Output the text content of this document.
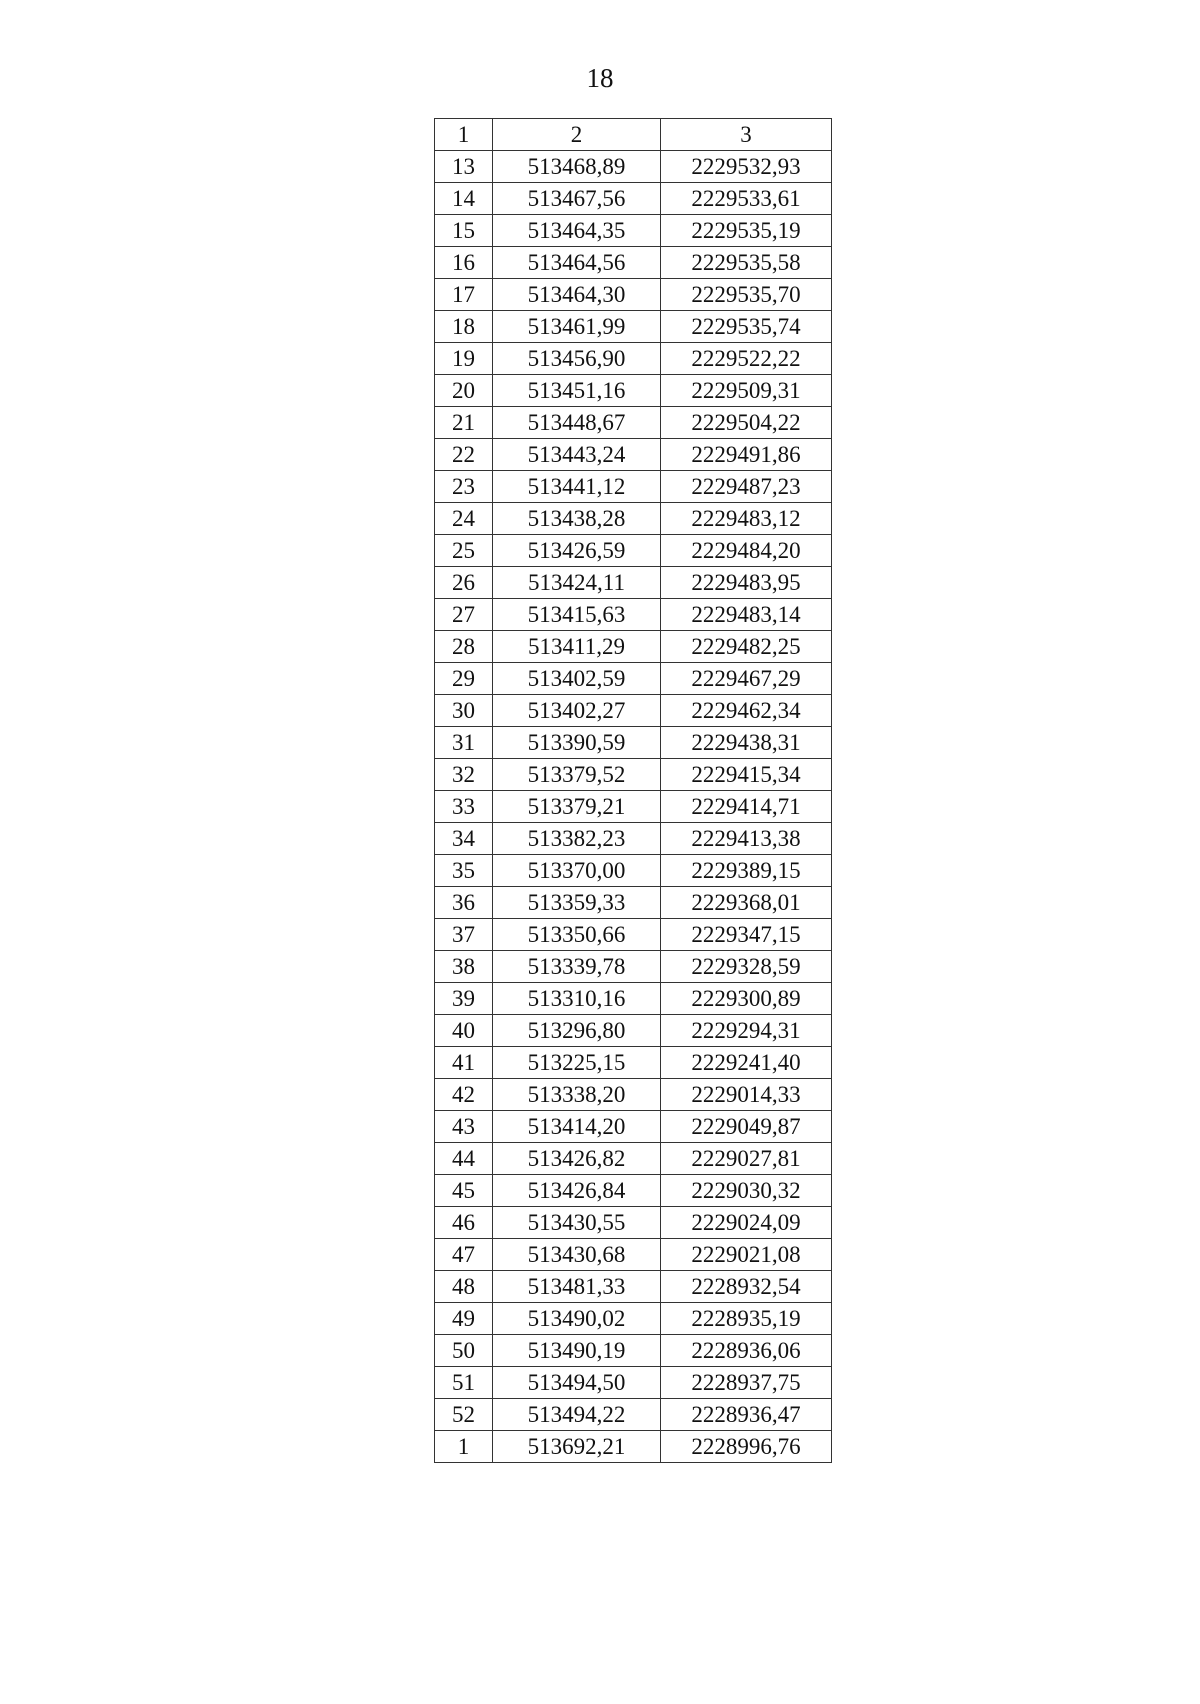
18
1	2	3
13	513468,89	2229532,93
14	513467,56	2229533,61
15	513464,35	2229535,19
16	513464,56	2229535,58
17	513464,30	2229535,70
18	513461,99	2229535,74
19	513456,90	2229522,22
20	513451,16	2229509,31
21	513448,67	2229504,22
22	513443,24	2229491,86
23	513441,12	2229487,23
24	513438,28	2229483,12
25	513426,59	2229484,20
26	513424,11	2229483,95
27	513415,63	2229483,14
28	513411,29	2229482,25
29	513402,59	2229467,29
30	513402,27	2229462,34
31	513390,59	2229438,31
32	513379,52	2229415,34
33	513379,21	2229414,71
34	513382,23	2229413,38
35	513370,00	2229389,15
36	513359,33	2229368,01
37	513350,66	2229347,15
38	513339,78	2229328,59
39	513310,16	2229300,89
40	513296,80	2229294,31
41	513225,15	2229241,40
42	513338,20	2229014,33
43	513414,20	2229049,87
44	513426,82	2229027,81
45	513426,84	2229030,32
46	513430,55	2229024,09
47	513430,68	2229021,08
48	513481,33	2228932,54
49	513490,02	2228935,19
50	513490,19	2228936,06
51	513494,50	2228937,75
52	513494,22	2228936,47
1	513692,21	2228996,76
